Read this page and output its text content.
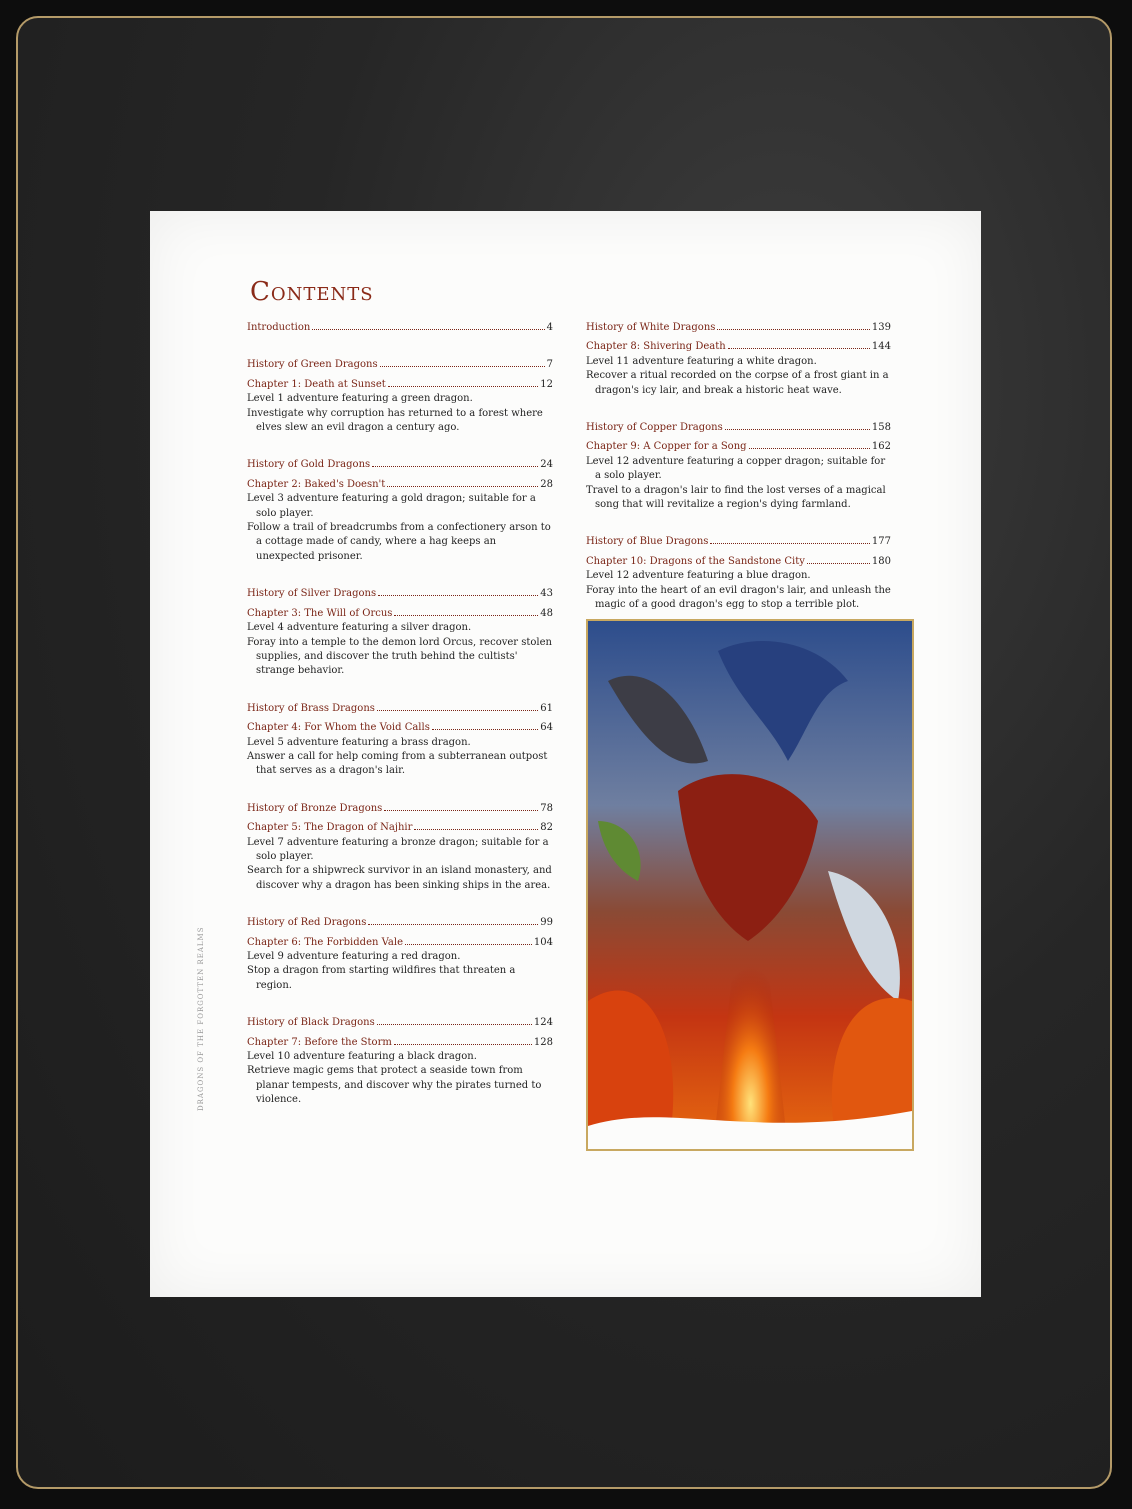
Contents
Introduction	4
History of Green Dragons	7
Chapter 1: Death at Sunset	12

Level 1 adventure featuring a green dragon.

Investigate why corruption has returned to a forest where elves slew an evil dragon a century ago.

History of Gold Dragons	24
Chapter 2: Baked's Doesn't	28

Level 3 adventure featuring a gold dragon; suitable for a solo player.

Follow a trail of breadcrumbs from a confectionery arson to a cottage made of candy, where a hag keeps an unexpected prisoner.

History of Silver Dragons	43
Chapter 3: The Will of Orcus	48

Level 4 adventure featuring a silver dragon.

Foray into a temple to the demon lord Orcus, recover stolen supplies, and discover the truth behind the cultists' strange behavior.

History of Brass Dragons	61
Chapter 4: For Whom the Void Calls	64

Level 5 adventure featuring a brass dragon.

Answer a call for help coming from a subterranean outpost that serves as a dragon's lair.

History of Bronze Dragons	78
Chapter 5: The Dragon of Najhir	82

Level 7 adventure featuring a bronze dragon; suitable for a solo player.

Search for a shipwreck survivor in an island monastery, and discover why a dragon has been sinking ships in the area.

History of Red Dragons	99
Chapter 6: The Forbidden Vale	104

Level 9 adventure featuring a red dragon.

Stop a dragon from starting wildfires that threaten a region.

History of Black Dragons	124
Chapter 7: Before the Storm	128

Level 10 adventure featuring a black dragon.

Retrieve magic gems that protect a seaside town from planar tempests, and discover why the pirates turned to violence.

History of White Dragons	139
Chapter 8: Shivering Death	144

Level 11 adventure featuring a white dragon.

Recover a ritual recorded on the corpse of a frost giant in a dragon's icy lair, and break a historic heat wave.

History of Copper Dragons	158
Chapter 9: A Copper for a Song	162

Level 12 adventure featuring a copper dragon; suitable for a solo player.

Travel to a dragon's lair to find the lost verses of a magical song that will revitalize a region's dying farmland.

History of Blue Dragons	177
Chapter 10: Dragons of the Sandstone City	180

Level 12 adventure featuring a blue dragon.

Foray into the heart of an evil dragon's lair, and unleash the magic of a good dragon's egg to stop a terrible plot.

DRAGONS OF THE FORGOTTEN REALMS
